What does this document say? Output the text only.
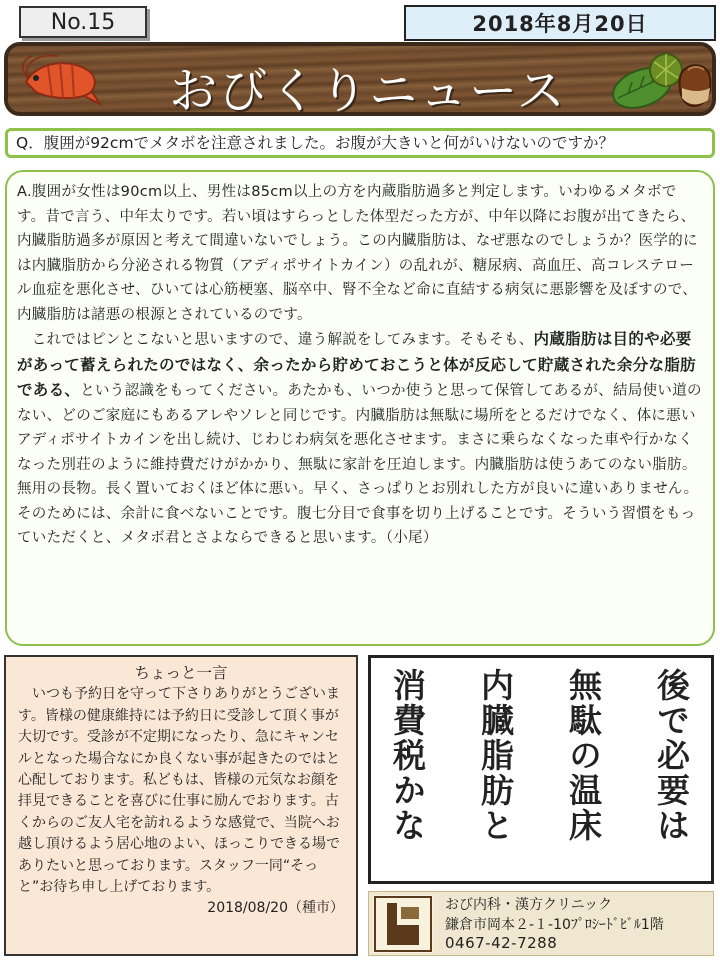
No.15	2018年8月20日
おびくりニュース
Q．腹囲が92cmでメタボを注意されました。お腹が大きいと何がいけないのですか？

A.腹囲が女性は90cm以上、男性は85cm以上の方を内蔵脂肪過多と判定します。いわゆるメタボです。昔で言う、中年太りです。若い頃はすらっとした体型だった方が、中年以降にお腹が出てきたら、内臓脂肪過多が原因と考えて間違いないでしょう。この内臓脂肪は、なぜ悪なのでしょうか？医学的には内臓脂肪から分泌される物質（アディポサイトカイン）の乱れが、糖尿病、高血圧、高コレステロール血症を悪化させ、ひいては心筋梗塞、脳卒中、腎不全など命に直結する病気に悪影響を及ぼすので、内臓脂肪は諸悪の根源とされているのです。

　これではピンとこないと思いますので、違う解説をしてみます。そもそも、内蔵脂肪は目的や必要があって蓄えられたのではなく、余ったから貯めておこうと体が反応して貯蔵された余分な脂肪である、という認識をもってください。あたかも、いつか使うと思って保管してあるが、結局使い道のない、どのご家庭にもあるアレやソレと同じです。内臓脂肪は無駄に場所をとるだけでなく、体に悪いアディポサイトカインを出し続け、じわじわ病気を悪化させます。まさに乗らなくなった車や行かなくなった別荘のように維持費だけがかかり、無駄に家計を圧迫します。内臓脂肪は使うあてのない脂肪。無用の長物。長く置いておくほど体に悪い。早く、さっぱりとお別れした方が良いに違いありません。そのためには、余計に食べないことです。腹七分目で食事を切り上げることです。そういう習慣をもっていただくと、メタボ君とさよならできると思います。（小尾）

ちょっと一言

いつも予約日を守って下さりありがとうございます。皆様の健康維持には予約日に受診して頂く事が大切です。受診が不定期になったり、急にキャンセルとなった場合なにか良くない事が起きたのではと心配しております。私どもは、皆様の元気なお顔を拝見できることを喜びに仕事に励んでおります。古くからのご友人宅を訪れるような感覚で、当院へお越し頂けるよう居心地のよい、ほっこりできる場でありたいと思っております。スタッフ一同“そっと”お待ち申し上げております。

2018/08/20（種市）

後で必要は
無駄の温床
内臓脂肪と
消費税かな
おび内科・漢方クリニック
鎌倉市岡本２-１-10ﾌﾟﾛｼｰﾄﾞﾋﾞﾙ1階
0467-42-7288
